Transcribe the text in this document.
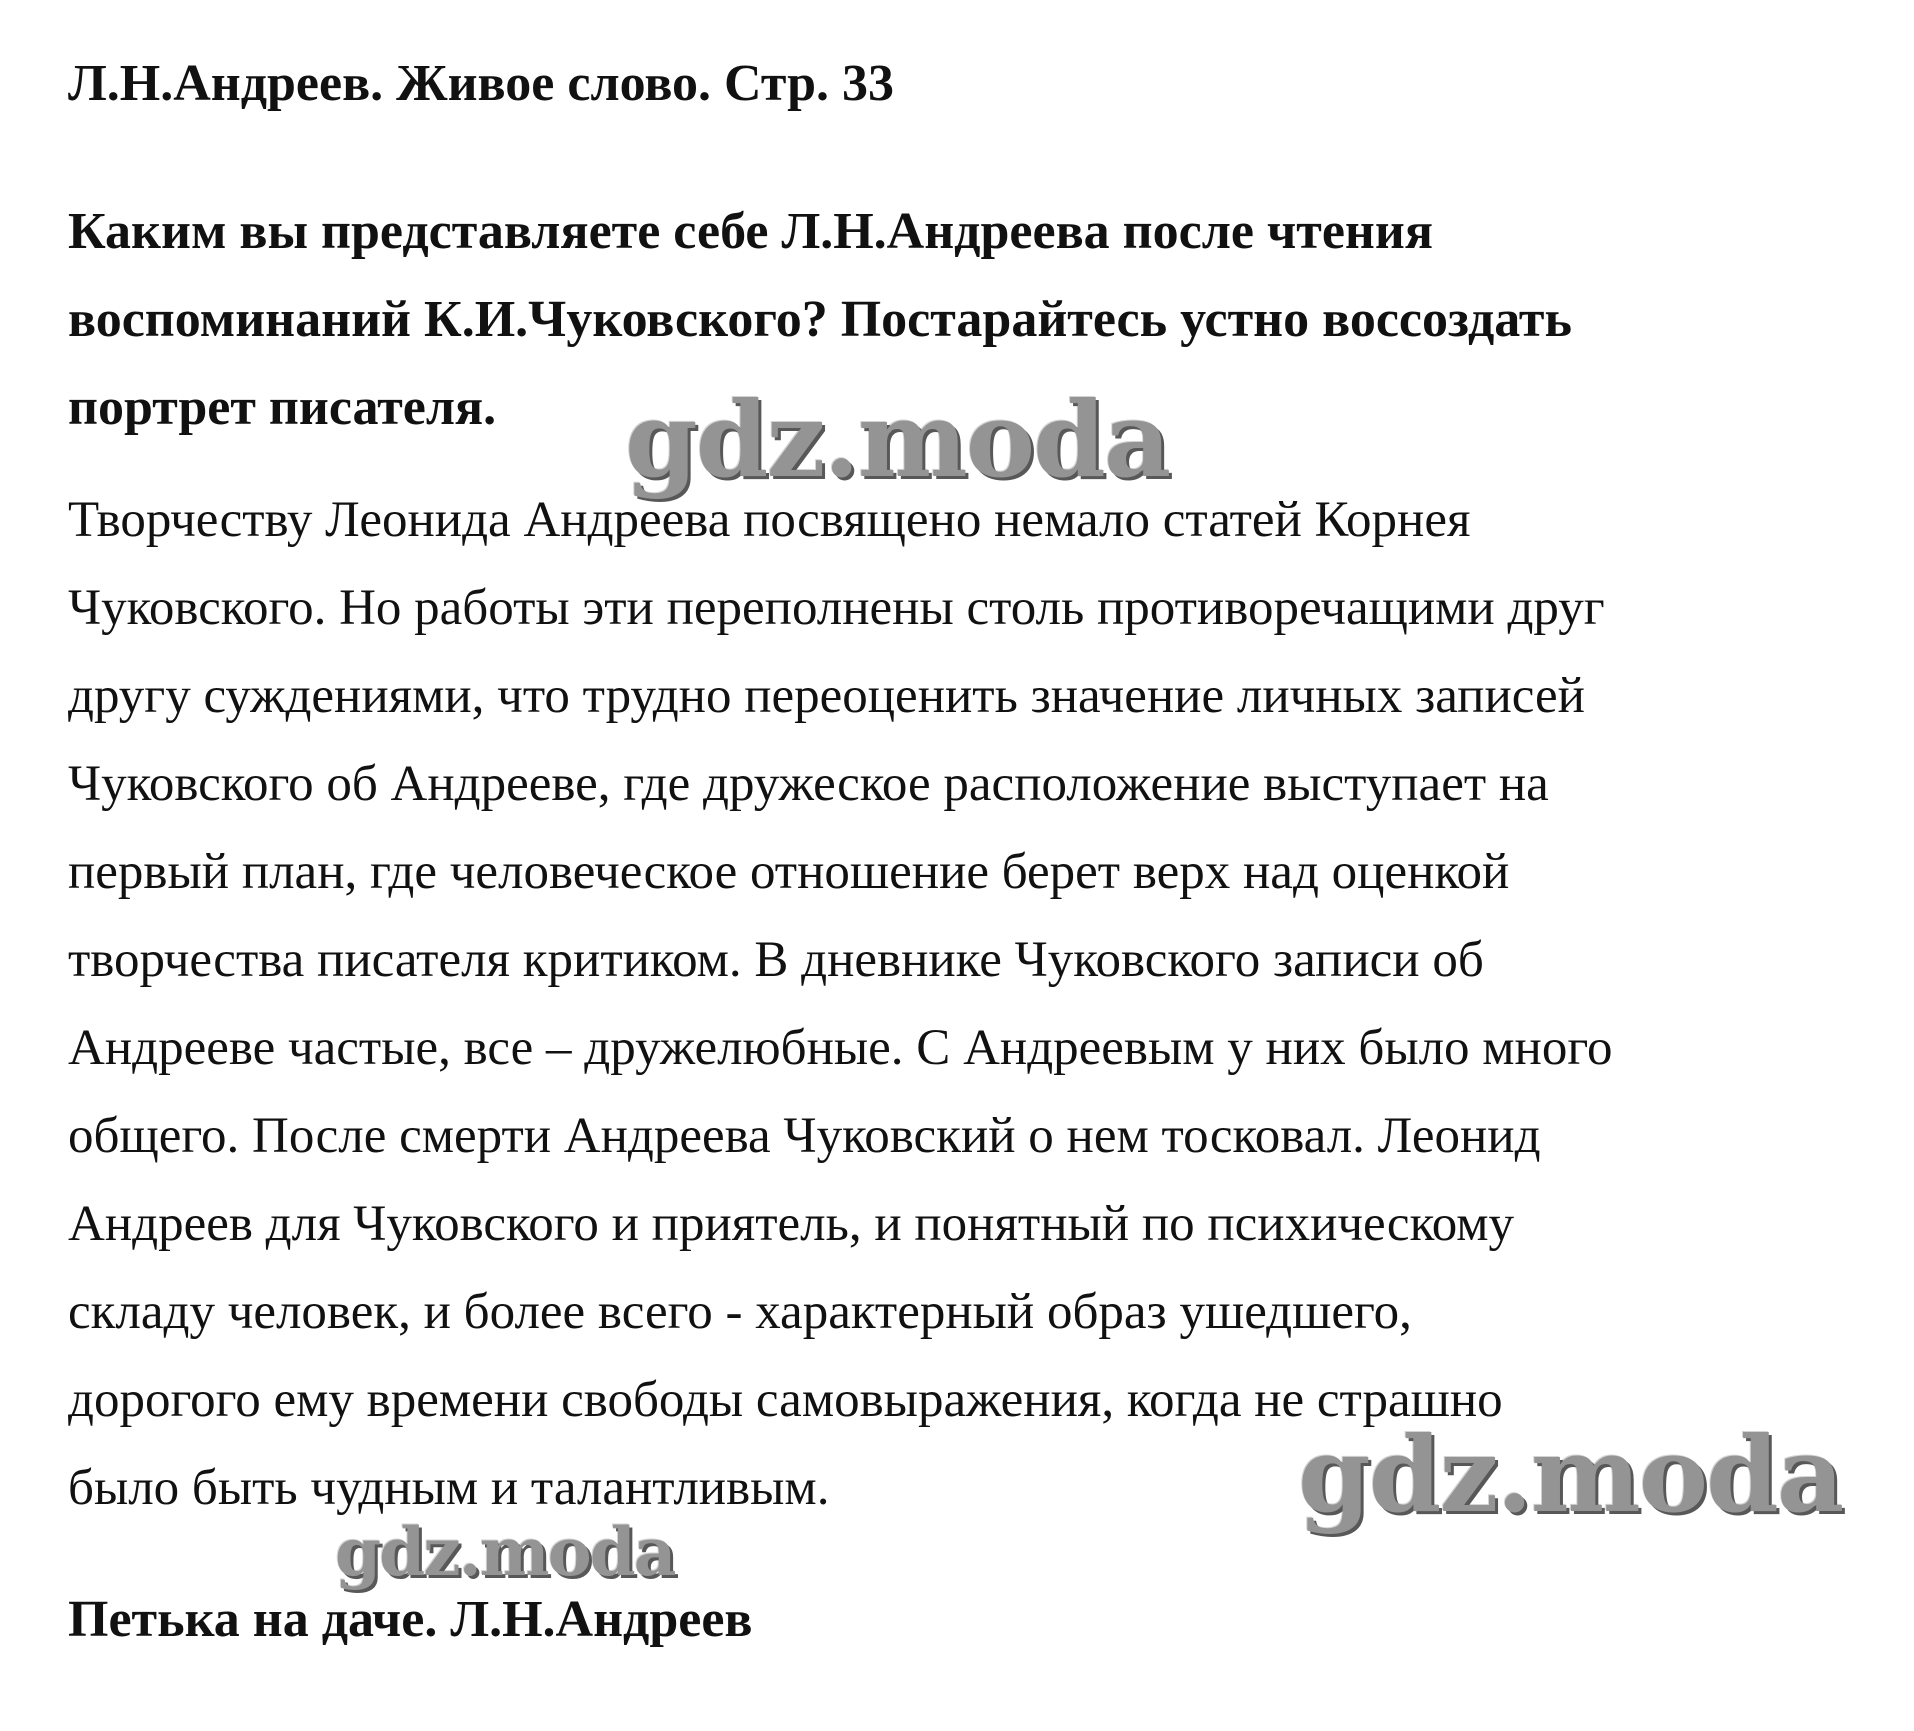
Л.Н.Андреев. Живое слово. Стр. 33
Каким вы представляете себе Л.Н.Андреева после чтения
воспоминаний К.И.Чуковского? Постарайтесь устно воссоздать
портрет писателя.
Творчеству Леонида Андреева посвящено немало статей Корнея
Чуковского. Но работы эти переполнены столь противоречащими друг
другу суждениями, что трудно переоценить значение личных записей
Чуковского об Андрееве, где дружеское расположение выступает на
первый план, где человеческое отношение берет верх над оценкой
творчества писателя критиком. В дневнике Чуковского записи об
Андрееве частые, все – дружелюбные. С Андреевым у них было много
общего. После смерти Андреева Чуковский о нем тосковал. Леонид
Андреев для Чуковского и приятель, и понятный по психическому
складу человек, и более всего - характерный образ ушедшего,
дорогого ему времени свободы самовыражения, когда не страшно
было быть чудным и талантливым.
Петька на даче. Л.Н.Андреев
gdz.moda
gdz.moda
gdz.moda
